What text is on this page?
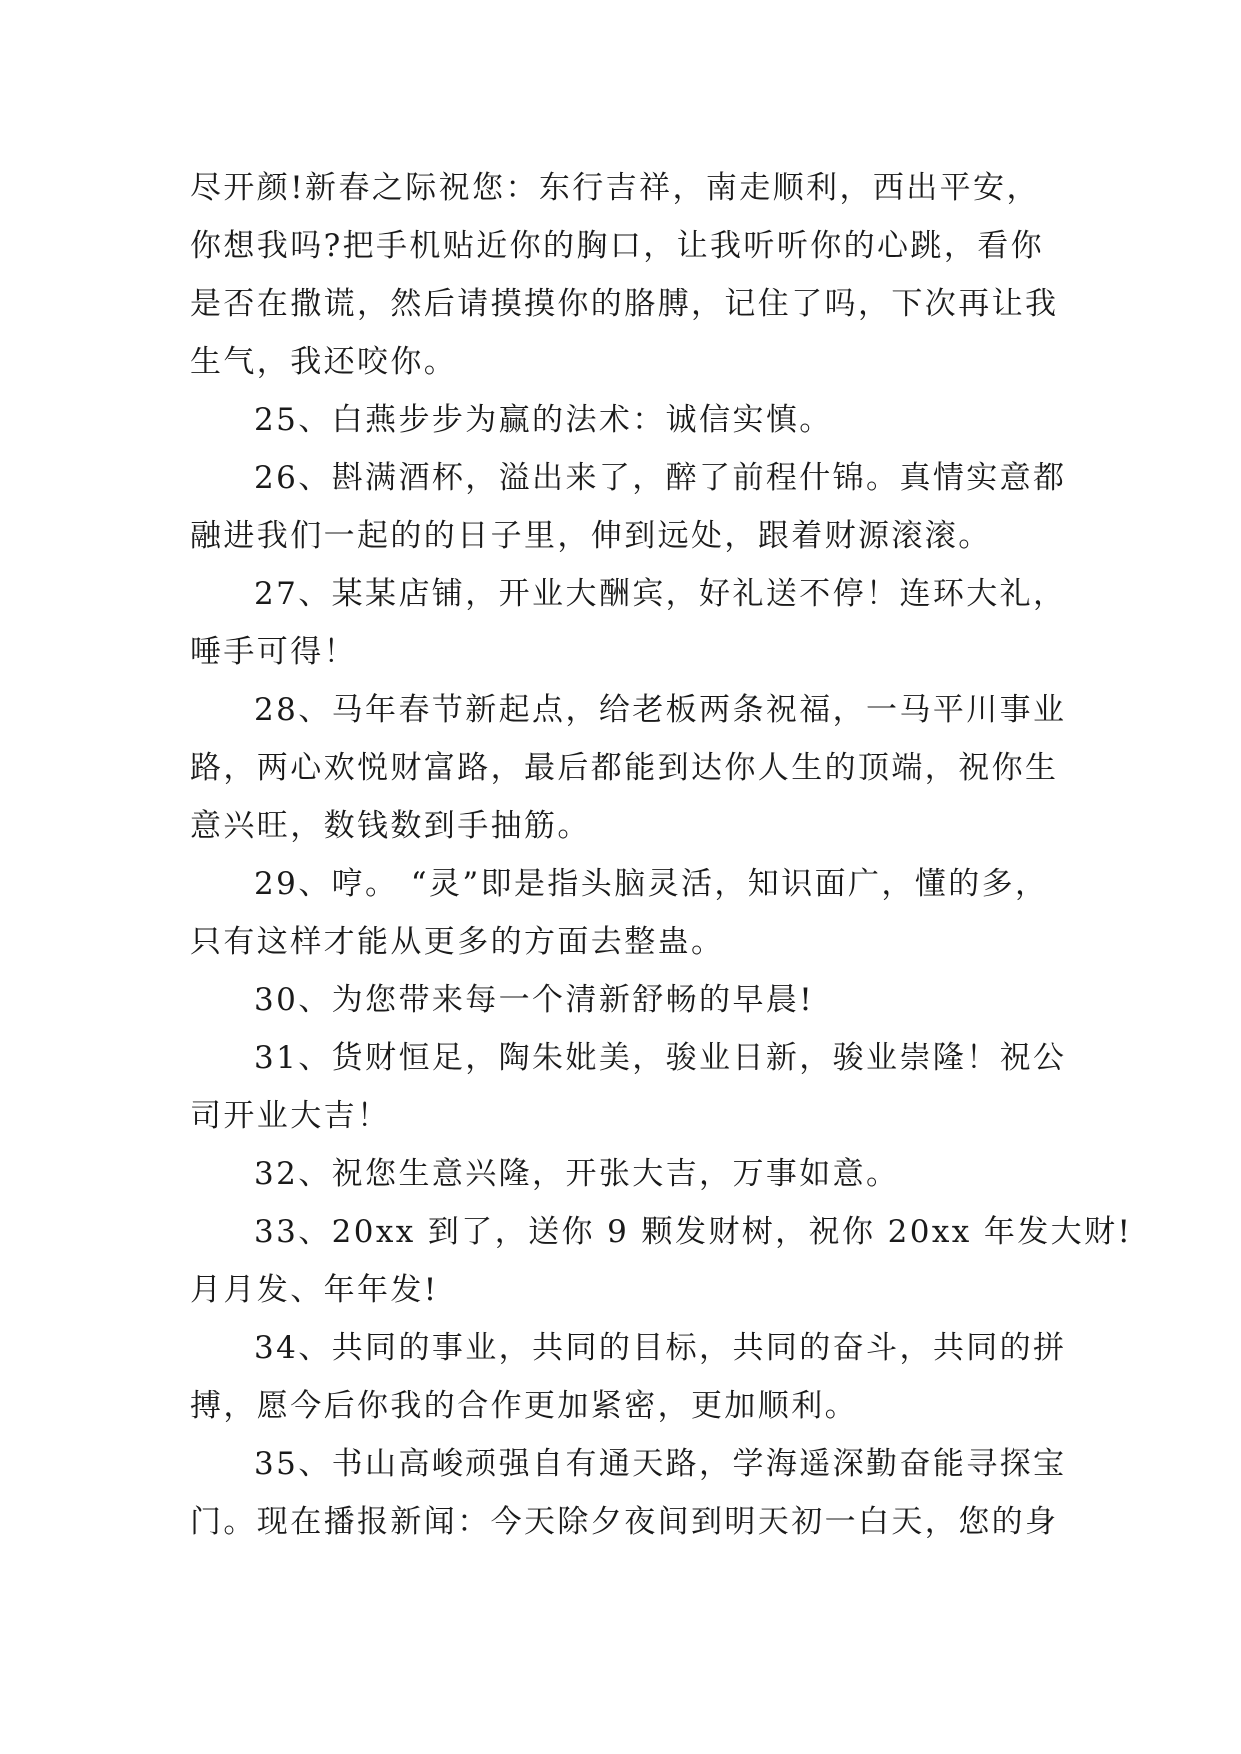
尽开颜!新春之际祝您：东行吉祥，南走顺利，西出平安，
你想我吗?把手机贴近你的胸口，让我听听你的心跳，看你
是否在撒谎，然后请摸摸你的胳膊，记住了吗，下次再让我
生气，我还咬你。
25、白燕步步为赢的法术：诚信实慎。
26、斟满酒杯，溢出来了，醉了前程什锦。真情实意都
融进我们一起的的日子里，伸到远处，跟着财源滚滚。
27、某某店铺，开业大酬宾，好礼送不停！连环大礼，
唾手可得！
28、马年春节新起点，给老板两条祝福，一马平川事业
路，两心欢悦财富路，最后都能到达你人生的顶端，祝你生
意兴旺，数钱数到手抽筋。
29、哼。 “灵”即是指头脑灵活，知识面广，懂的多，
只有这样才能从更多的方面去整蛊。
30、为您带来每一个清新舒畅的早晨!
31、货财恒足，陶朱妣美，骏业日新，骏业崇隆！祝公
司开业大吉！
32、祝您生意兴隆，开张大吉，万事如意。
33、20xx 到了，送你 9 颗发财树，祝你 20xx 年发大财!
月月发、年年发!
34、共同的事业，共同的目标，共同的奋斗，共同的拼
搏，愿今后你我的合作更加紧密，更加顺利。
35、书山高峻顽强自有通天路，学海遥深勤奋能寻探宝
门。现在播报新闻：今天除夕夜间到明天初一白天，您的身
